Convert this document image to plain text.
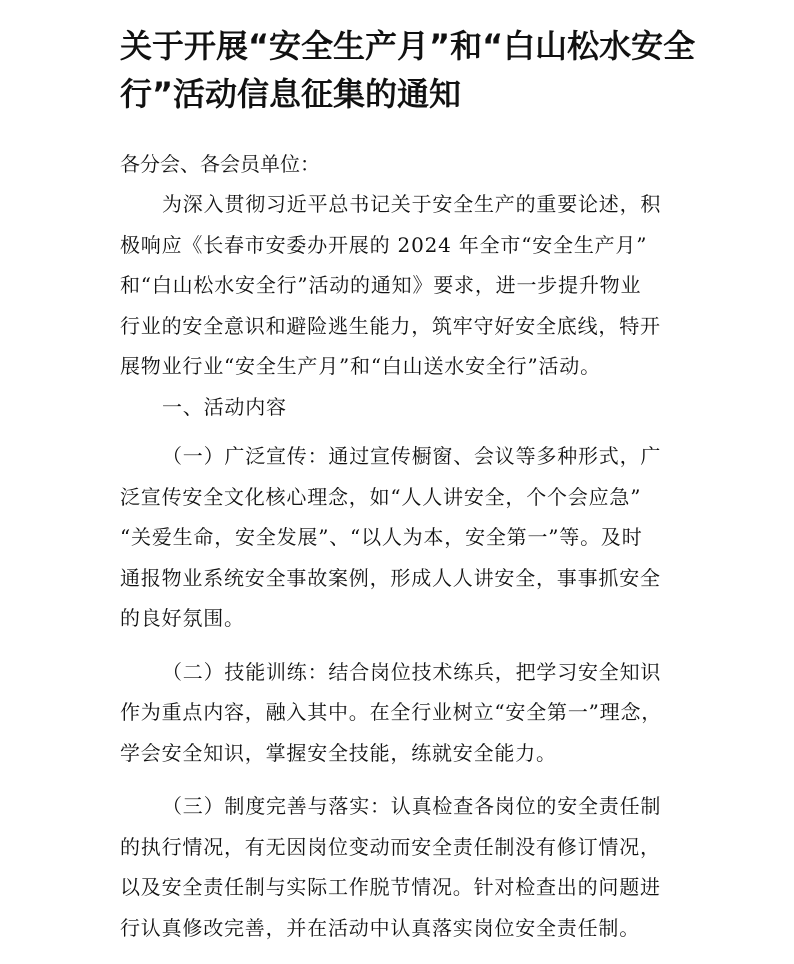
关于开展“安全生产月”和“白山松水安全
行”活动信息征集的通知

各分会、各会员单位：

为深入贯彻习近平总书记关于安全生产的重要论述，积
极响应《长春市安委办开展的 2024 年全市“安全生产月”
和“白山松水安全行”活动的通知》要求，进一步提升物业
行业的安全意识和避险逃生能力，筑牢守好安全底线，特开
展物业行业“安全生产月”和“白山送水安全行”活动。

一、活动内容

（一）广泛宣传：通过宣传橱窗、会议等多种形式，广
泛宣传安全文化核心理念，如“人人讲安全，个个会应急”
“关爱生命，安全发展”、“以人为本，安全第一”等。及时
通报物业系统安全事故案例，形成人人讲安全，事事抓安全
的良好氛围。

（二）技能训练：结合岗位技术练兵，把学习安全知识
作为重点内容，融入其中。在全行业树立“安全第一”理念，
学会安全知识，掌握安全技能，练就安全能力。

（三）制度完善与落实：认真检查各岗位的安全责任制
的执行情况，有无因岗位变动而安全责任制没有修订情况，
以及安全责任制与实际工作脱节情况。针对检查出的问题进
行认真修改完善，并在活动中认真落实岗位安全责任制。
